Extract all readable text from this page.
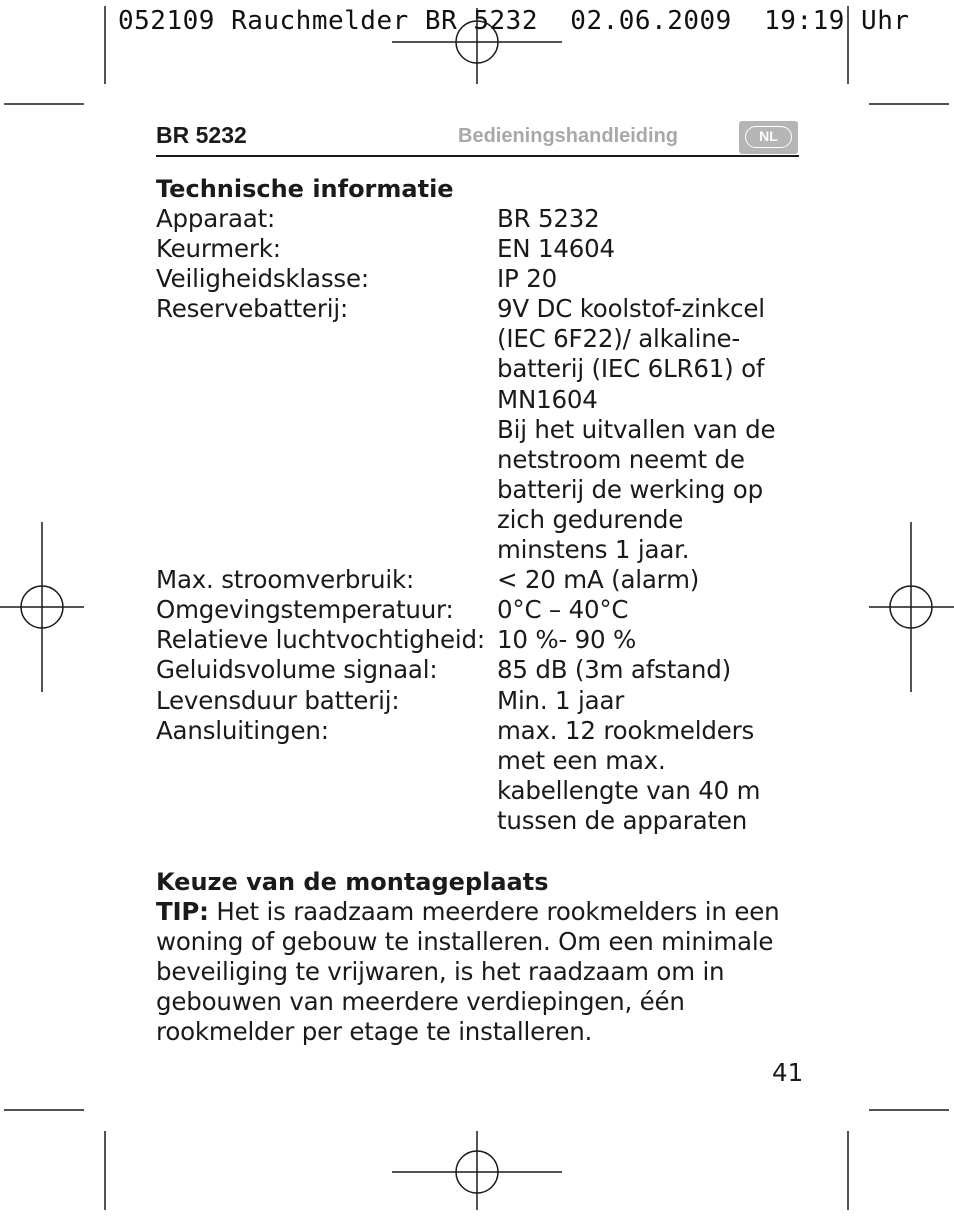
052109 Rauchmelder BR 5232  02.06.2009  19:19 Uhr
BR 5232	Bedieningshandleiding	NL
Technische informatie
Apparaat:	BR 5232
Keurmerk:	EN 14604
Veiligheidsklasse:	IP 20
Reservebatterij:	9V DC koolstof-zinkcel
(IEC 6F22)/ alkaline-
batterij (IEC 6LR61) of
MN1604
Bij het uitvallen van de
netstroom neemt de
batterij de werking op
zich gedurende
minstens 1 jaar.
Max. stroomverbruik:	< 20 mA (alarm)
Omgevingstemperatuur:	0°C – 40°C
Relatieve luchtvochtigheid: 10 %- 90 %
Geluidsvolume signaal:	85 dB (3m afstand)
Levensduur batterij:	Min. 1 jaar
Aansluitingen:	max. 12 rookmelders
met een max.
kabellengte van 40 m
tussen de apparaten
Keuze van de montageplaats
TIP: Het is raadzaam meerdere rookmelders in een woning of gebouw te installeren. Om een minimale beveiliging te vrijwaren, is het raadzaam om in gebouwen van meerdere verdiepingen, één rookmelder per etage te installeren.
41
